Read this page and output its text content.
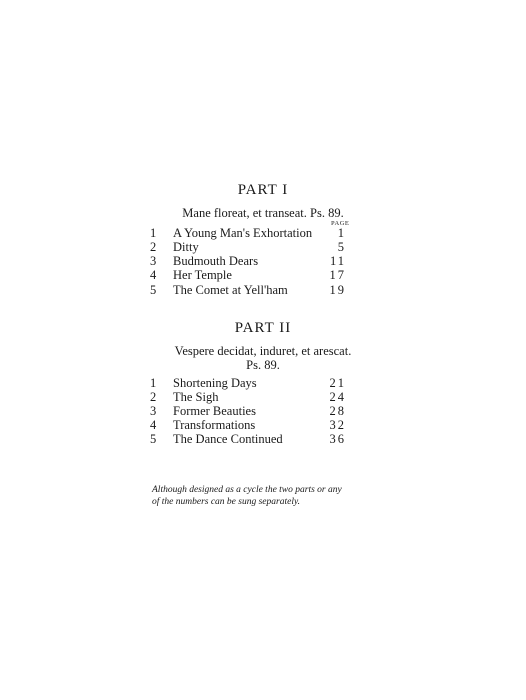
PART I
Mane floreat, et transeat. Ps. 89.
PAGE
1	A Young Man's Exhortation 1
2	Ditty	5
3	Budmouth Dears	11
4	Her Temple	17
5	The Comet at Yell'ham	19
PART II
Vespere decidat, induret, et arescat.
Ps. 89.
1	Shortening Days	21
2	The Sigh	24
3	Former Beauties	28
4	Transformations	32
5	The Dance Continued	36
Although designed as a cycle the two parts or any
of the numbers can be sung separately.
